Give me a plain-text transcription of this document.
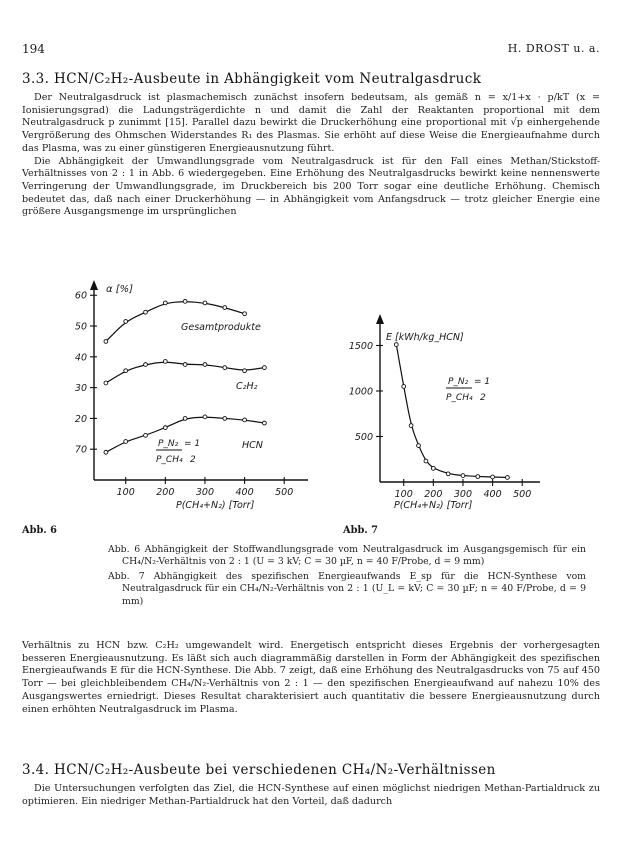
194	H. DROST u. a.
3.3. HCN/C₂H₂-Ausbeute in Abhängigkeit vom Neutralgasdruck

Der Neutralgasdruck ist plasmachemisch zunächst insofern bedeutsam, als gemäß n = x/1+x · p/kT (x = Ionisierungsgrad) die Ladungsträgerdichte n und damit die Zahl der Reaktanten proportional mit dem Neutralgasdruck p zunimmt [15]. Parallel dazu bewirkt die Druckerhöhung eine proportional mit √p einhergehende Vergrößerung des Ohmschen Widerstandes R₁ des Plasmas. Sie erhöht auf diese Weise die Energieaufnahme durch das Plasma, was zu einer günstigeren Energieausnutzung führt.

Die Abhängigkeit der Umwandlungsgrade vom Neutralgasdruck ist für den Fall eines Methan/Stickstoff-Verhältnisses von 2 : 1 in Abb. 6 wiedergegeben. Eine Erhöhung des Neutralgasdrucks bewirkt keine nennenswerte Verringerung der Umwandlungsgrade, im Druckbereich bis 200 Torr sogar eine deutliche Erhöhung. Chemisch bedeutet das, daß nach einer Druckerhöhung — in Abhängigkeit vom Anfangsdruck — trotz gleicher Energie eine größere Ausgangsmenge im ursprünglichen

70
20
30
40
50
60
100 200 300 400 500
α [%]
P(CH₄+N₂) [Torr]
Gesamtprodukte
C₂H₂
HCN
P_N₂ = 1
P_CH₄ 2
500
1000
1500
100 200 300 400 500
E [kWh/kg_HCN]
P(CH₄+N₂) [Torr]
P_N₂ = 1
P_CH₄ 2
Abb. 6	Abb. 7

Abb. 6 Abhängigkeit der Stoffwandlungsgrade vom Neutralgasdruck im Ausgangsgemisch für ein CH₄/N₂-Verhältnis von 2 : 1 (U = 3 kV; C = 30 µF, n = 40 F/Probe, d = 9 mm)

Abb. 7 Abhängigkeit des spezifischen Energieaufwands E_sp für die HCN-Synthese vom Neutralgasdruck für ein CH₄/N₂-Verhältnis von 2 : 1 (U_L = kV; C = 30 µF; n = 40 F/Probe, d = 9 mm)

Verhältnis zu HCN bzw. C₂H₂ umgewandelt wird. Energetisch entspricht dieses Ergebnis der vorhergesagten besseren Energieausnutzung. Es läßt sich auch diagrammäßig darstellen in Form der Abhängigkeit des spezifischen Energieaufwands E für die HCN-Synthese. Die Abb. 7 zeigt, daß eine Erhöhung des Neutralgasdrucks von 75 auf 450 Torr — bei gleichbleibendem CH₄/N₂-Verhältnis von 2 : 1 — den spezifischen Energieaufwand auf nahezu 10% des Ausgangswertes erniedrigt. Dieses Resultat charakterisiert auch quantitativ die bessere Energieausnutzung durch einen erhöhten Neutralgasdruck im Plasma.

3.4. HCN/C₂H₂-Ausbeute bei verschiedenen CH₄/N₂-Verhältnissen

Die Untersuchungen verfolgten das Ziel, die HCN-Synthese auf einen möglichst niedrigen Methan-Partialdruck zu optimieren. Ein niedriger Methan-Partialdruck hat den Vorteil, daß dadurch
